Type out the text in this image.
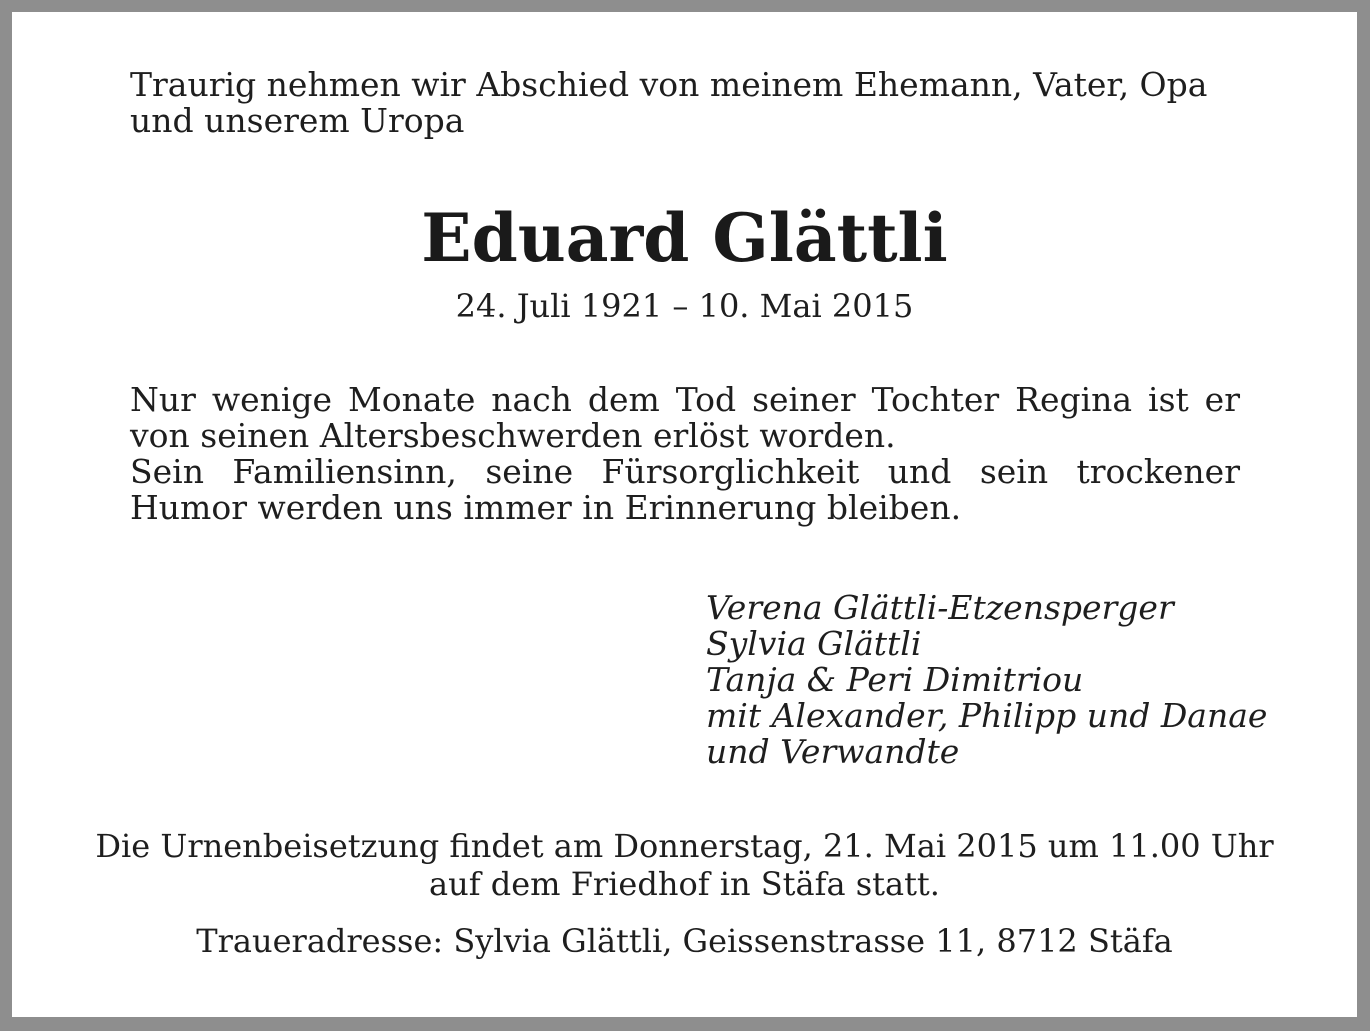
Traurig nehmen wir Abschied von meinem Ehemann, Vater, Opa und unserem Uropa
Eduard Glättli
24. Juli 1921 – 10. Mai 2015

Nur wenige Monate nach dem Tod seiner Tochter Regina ist er von seinen Altersbeschwerden erlöst worden.

Sein Familiensinn, seine Fürsorglichkeit und sein trockener Humor werden uns immer in Erinnerung bleiben.

Verena Glättli-Etzensperger
Sylvia Glättli
Tanja & Peri Dimitriou
mit Alexander, Philipp und Danae
und Verwandte
Die Urnenbeisetzung findet am Donnerstag, 21. Mai 2015 um 11.00 Uhr
auf dem Friedhof in Stäfa statt.
Traueradresse: Sylvia Glättli, Geissenstrasse 11, 8712 Stäfa
